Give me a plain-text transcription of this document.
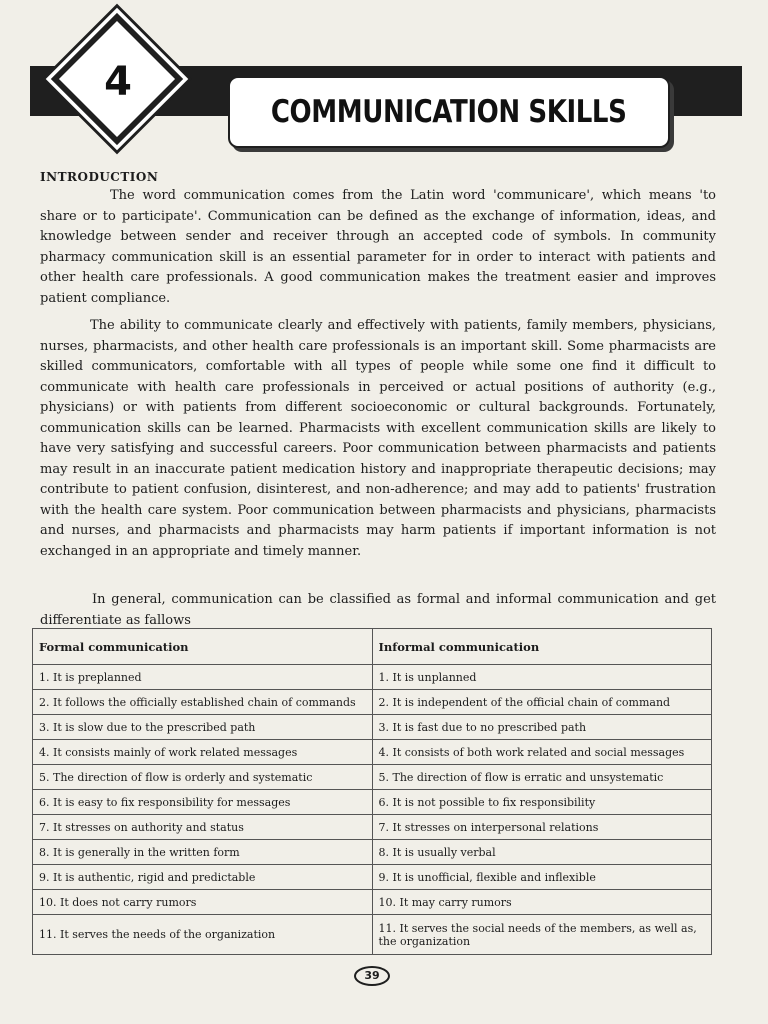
4
COMMUNICATION SKILLS
INTRODUCTION

The word communication comes from the Latin word 'communicare', which means 'to share or to participate'. Communication can be defined as the exchange of information, ideas, and knowledge between sender and receiver through an accepted code of symbols. In community pharmacy communication skill is an essential parameter for in order to interact with patients and other health care professionals. A good communication makes the treatment easier and improves patient compliance.

The ability to communicate clearly and effectively with patients, family members, physicians, nurses, pharmacists, and other health care professionals is an important skill. Some pharmacists are skilled communicators, comfortable with all types of people while some one find it difficult to communicate with health care professionals in perceived or actual positions of authority (e.g., physicians) or with patients from different socioeconomic or cultural backgrounds. Fortunately, communication skills can be learned. Pharmacists with excellent communication skills are likely to have very satisfying and successful careers. Poor communication between pharmacists and patients may result in an inaccurate patient medication history and inappropriate therapeutic decisions; may contribute to patient confusion, disinterest, and non-adherence; and may add to patients' frustration with the health care system. Poor communication between pharmacists and physicians, pharmacists and nurses, and pharmacists and pharmacists may harm patients if important information is not exchanged in an appropriate and timely manner.

In general, communication can be classified as formal and informal communication and get differentiate as fallows

Formal communication	Informal communication
1. It is preplanned	1. It is unplanned
2. It follows the officially established chain of commands	2. It is independent of the official chain of command
3. It is slow due to the prescribed path	3. It is fast due to no prescribed path
4. It consists mainly of work related messages	4. It consists of both work related and social messages
5. The direction of flow is orderly and systematic	5. The direction of flow is erratic and unsystematic
6. It is easy to fix responsibility for messages	6. It is not possible to fix responsibility
7. It stresses on authority and status	7. It stresses on interpersonal relations
8. It is generally in the written form	8. It is usually verbal
9. It is authentic, rigid and predictable	9. It is unofficial, flexible and inflexible
10. It does not carry rumors	10. It may carry rumors
11. It serves the needs of the organization	11. It serves the social needs of the members, as well as, the organization
39
